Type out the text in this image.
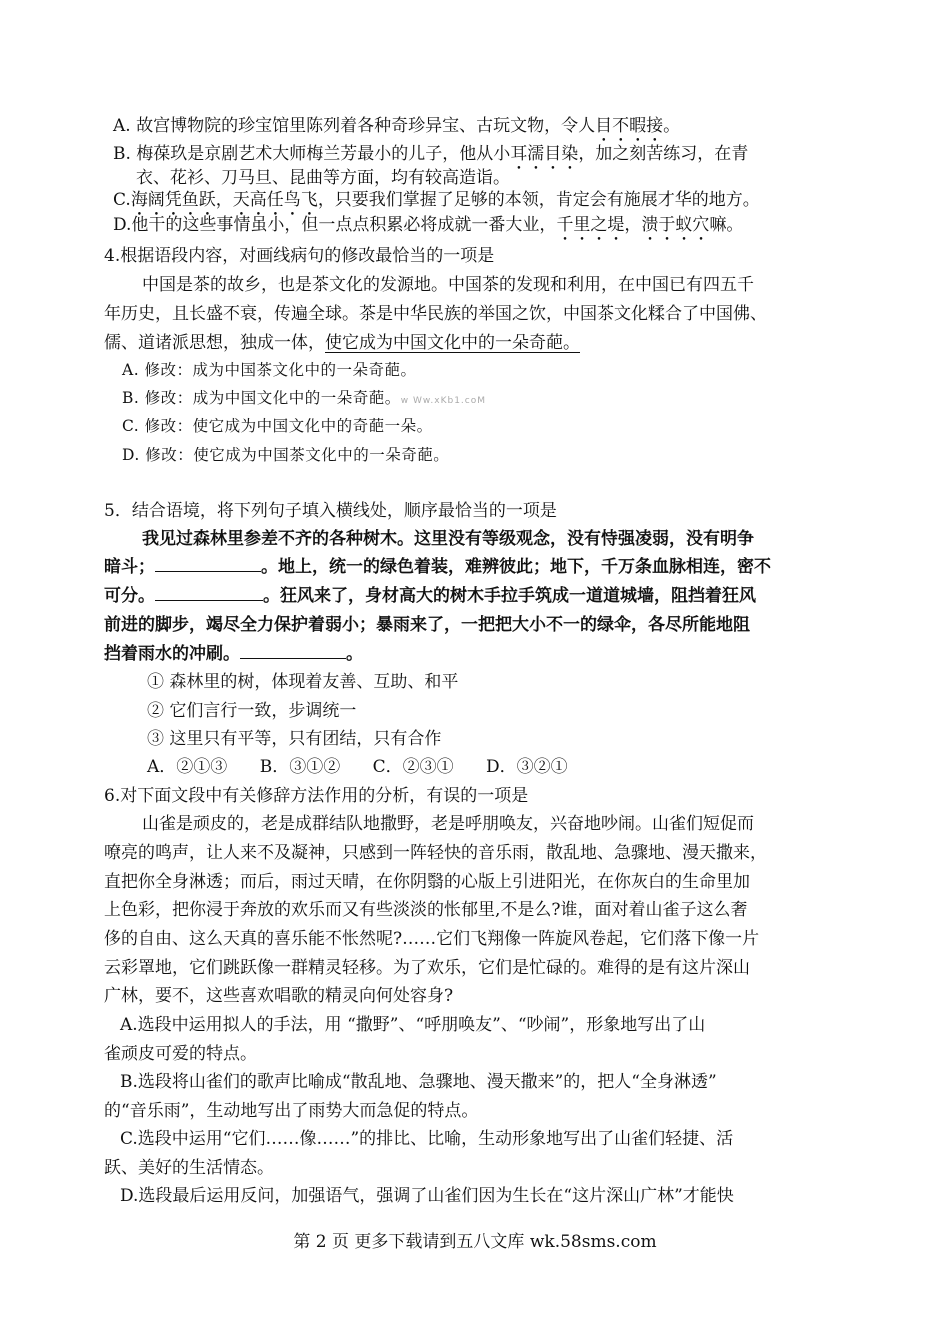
A. 故宫博物院的珍宝馆里陈列着各种奇珍异宝、古玩文物，令人目不暇接。
B. 梅葆玖是京剧艺术大师梅兰芳最小的儿子，他从小耳濡目染，加之刻苦练习，在青
衣、花衫、刀马旦、昆曲等方面，均有较高造诣。
C.海阔凭鱼跃，天高任鸟飞，只要我们掌握了足够的本领，肯定会有施展才华的地方。
D.他干的这些事情虽小，但一点点积累必将成就一番大业，千里之堤，溃于蚁穴嘛。
4.根据语段内容，对画线病句的修改最恰当的一项是
中国是茶的故乡，也是茶文化的发源地。中国茶的发现和利用，在中国已有四五千
年历史，且长盛不衰，传遍全球。茶是中华民族的举国之饮，中国茶文化糅合了中国佛、
儒、道诸派思想，独成一体，使它成为中国文化中的一朵奇葩。
A. 修改：成为中国茶文化中的一朵奇葩。
B. 修改：成为中国文化中的一朵奇葩。w Ww.xKb1.coM
C. 修改：使它成为中国文化中的奇葩一朵。
D. 修改：使它成为中国茶文化中的一朵奇葩。
5．结合语境，将下列句子填入横线处，顺序最恰当的一项是
我见过森林里参差不齐的各种树木。这里没有等级观念，没有恃强凌弱，没有明争
暗斗；	。地上，统一的绿色着装，难辨彼此；地下，千万条血脉相连，密不
可分。	。狂风来了，身材高大的树木手拉手筑成一道道城墙，阻挡着狂风
前进的脚步，竭尽全力保护着弱小；暴雨来了，一把把大小不一的绿伞，各尽所能地阻
挡着雨水的冲刷。	。
① 森林里的树，体现着友善、互助、和平
② 它们言行一致，步调统一
③ 这里只有平等，只有团结，只有合作
A．②①③      B．③①②      C．②③①      D．③②①
6.对下面文段中有关修辞方法作用的分析，有误的一项是
山雀是顽皮的，老是成群结队地撒野，老是呼朋唤友，兴奋地吵闹。山雀们短促而
嘹亮的鸣声，让人来不及凝神，只感到一阵轻快的音乐雨，散乱地、急骤地、漫天撒来，
直把你全身淋透；而后，雨过天晴，在你阴翳的心版上引进阳光，在你灰白的生命里加
上色彩，把你浸于奔放的欢乐而又有些淡淡的怅郁里,不是么?谁，面对着山雀子这么奢
侈的自由、这么天真的喜乐能不怅然呢?……它们飞翔像一阵旋风卷起，它们落下像一片
云彩罩地，它们跳跃像一群精灵轻移。为了欢乐，它们是忙碌的。难得的是有这片深山
广林，要不，这些喜欢唱歌的精灵向何处容身?
A.选段中运用拟人的手法，用 “撒野”、“呼朋唤友”、“吵闹”，形象地写出了山
雀顽皮可爱的特点。
B.选段将山雀们的歌声比喻成“散乱地、急骤地、漫天撒来”的，把人“全身淋透”
的“音乐雨”，生动地写出了雨势大而急促的特点。
C.选段中运用“它们……像……”的排比、比喻，生动形象地写出了山雀们轻捷、活
跃、美好的生活情态。
D.选段最后运用反问，加强语气，强调了山雀们因为生长在“这片深山广林”才能快
第 2 页 更多下载请到五八文库 wk.58sms.com
